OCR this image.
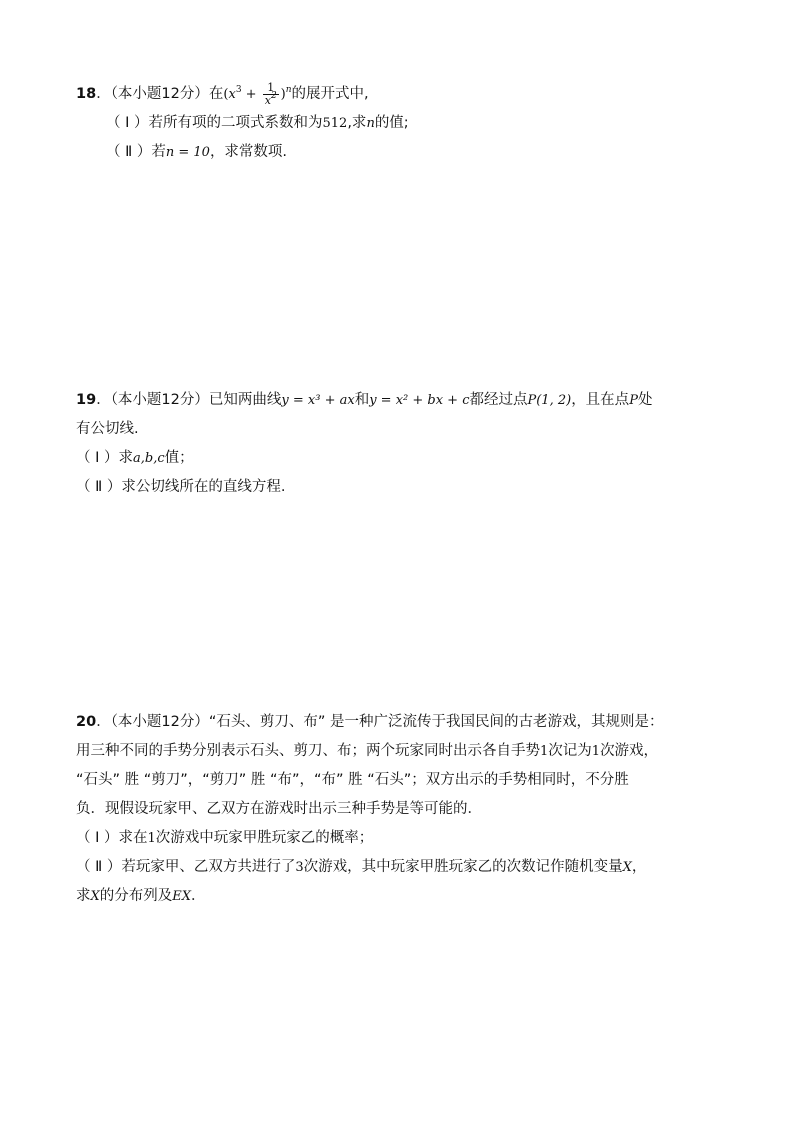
18．（本小题12分）在$(x^3 + \frac{1}{x^2} )^n$的展开式中,

（ Ⅰ ）若所有项的二项式系数和为512,求n的值;

（ Ⅱ ）若n = 10，求常数项.

19．（本小题12分）已知两曲线y = x³ + ax和y = x² + bx + c都经过点P(1, 2)，且在点P处

有公切线.

（ Ⅰ ）求a,b,c值；

（ Ⅱ ）求公切线所在的直线方程.

20．（本小题12分）“石头、剪刀、布” 是一种广泛流传于我国民间的古老游戏，其规则是：

用三种不同的手势分别表示石头、剪刀、布；两个玩家同时出示各自手势1次记为1次游戏，

“石头” 胜 “剪刀”，“剪刀” 胜 “布”，“布” 胜 “石头”；双方出示的手势相同时，不分胜

负．现假设玩家甲、乙双方在游戏时出示三种手势是等可能的．

（ Ⅰ ）求在1次游戏中玩家甲胜玩家乙的概率；

（ Ⅱ ）若玩家甲、乙双方共进行了3次游戏，其中玩家甲胜玩家乙的次数记作随机变量X，

求X的分布列及EX．
